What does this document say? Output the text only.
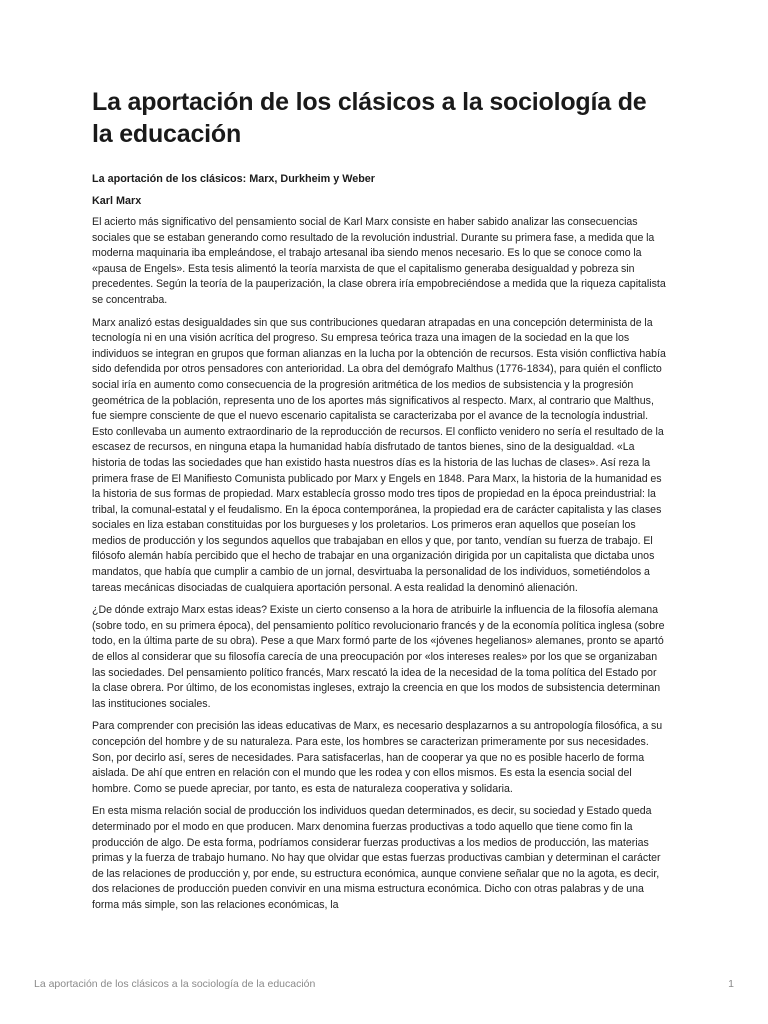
La aportación de los clásicos a la sociología de la educación
La aportación de los clásicos: Marx, Durkheim y Weber
Karl Marx

El acierto más significativo del pensamiento social de Karl Marx consiste en haber sabido analizar las consecuencias sociales que se estaban generando como resultado de la revolución industrial. Durante su primera fase, a medida que la moderna maquinaria iba empleándose, el trabajo artesanal iba siendo menos necesario. Es lo que se conoce como la «pausa de Engels». Esta tesis alimentó la teoría marxista de que el capitalismo generaba desigualdad y pobreza sin precedentes. Según la teoría de la pauperización, la clase obrera iría empobreciéndose a medida que la riqueza capitalista se concentraba.

Marx analizó estas desigualdades sin que sus contribuciones quedaran atrapadas en una concepción determinista de la tecnología ni en una visión acrítica del progreso. Su empresa teórica traza una imagen de la sociedad en la que los individuos se integran en grupos que forman alianzas en la lucha por la obtención de recursos. Esta visión conflictiva había sido defendida por otros pensadores con anterioridad. La obra del demógrafo Malthus (1776-1834), para quién el conflicto social iría en aumento como consecuencia de la progresión aritmética de los medios de subsistencia y la progresión geométrica de la población, representa uno de los aportes más significativos al respecto. Marx, al contrario que Malthus, fue siempre consciente de que el nuevo escenario capitalista se caracterizaba por el avance de la tecnología industrial. Esto conllevaba un aumento extraordinario de la reproducción de recursos. El conflicto venidero no sería el resultado de la escasez de recursos, en ninguna etapa la humanidad había disfrutado de tantos bienes, sino de la desigualdad. «La historia de todas las sociedades que han existido hasta nuestros días es la historia de las luchas de clases». Así reza la primera frase de El Manifiesto Comunista publicado por Marx y Engels en 1848. Para Marx, la historia de la humanidad es la historia de sus formas de propiedad. Marx establecía grosso modo tres tipos de propiedad en la época preindustrial: la tribal, la comunal-estatal y el feudalismo. En la época contemporánea, la propiedad era de carácter capitalista y las clases sociales en liza estaban constituidas por los burgueses y los proletarios. Los primeros eran aquellos que poseían los medios de producción y los segundos aquellos que trabajaban en ellos y que, por tanto, vendían su fuerza de trabajo. El filósofo alemán había percibido que el hecho de trabajar en una organización dirigida por un capitalista que dictaba unos mandatos, que había que cumplir a cambio de un jornal, desvirtuaba la personalidad de los individuos, sometiéndolos a tareas mecánicas disociadas de cualquiera aportación personal. A esta realidad la denominó alienación.

¿De dónde extrajo Marx estas ideas? Existe un cierto consenso a la hora de atribuirle la influencia de la filosofía alemana (sobre todo, en su primera época), del pensamiento político revolucionario francés y de la economía política inglesa (sobre todo, en la última parte de su obra). Pese a que Marx formó parte de los «jóvenes hegelianos» alemanes, pronto se apartó de ellos al considerar que su filosofía carecía de una preocupación por «los intereses reales» por los que se organizaban las sociedades. Del pensamiento político francés, Marx rescató la idea de la necesidad de la toma política del Estado por la clase obrera. Por último, de los economistas ingleses, extrajo la creencia en que los modos de subsistencia determinan las instituciones sociales.

Para comprender con precisión las ideas educativas de Marx, es necesario desplazarnos a su antropología filosófica, a su concepción del hombre y de su naturaleza. Para este, los hombres se caracterizan primeramente por sus necesidades. Son, por decirlo así, seres de necesidades. Para satisfacerlas, han de cooperar ya que no es posible hacerlo de forma aislada. De ahí que entren en relación con el mundo que les rodea y con ellos mismos. Es esta la esencia social del hombre. Como se puede apreciar, por tanto, es esta de naturaleza cooperativa y solidaria.

En esta misma relación social de producción los individuos quedan determinados, es decir, su sociedad y Estado queda determinado por el modo en que producen. Marx denomina fuerzas productivas a todo aquello que tiene como fin la producción de algo. De esta forma, podríamos considerar fuerzas productivas a los medios de producción, las materias primas y la fuerza de trabajo humano. No hay que olvidar que estas fuerzas productivas cambian y determinan el carácter de las relaciones de producción y, por ende, su estructura económica, aunque conviene señalar que no la agota, es decir, dos relaciones de producción pueden convivir en una misma estructura económica. Dicho con otras palabras y de una forma más simple, son las relaciones económicas, la

La aportación de los clásicos a la sociología de la educación	1
